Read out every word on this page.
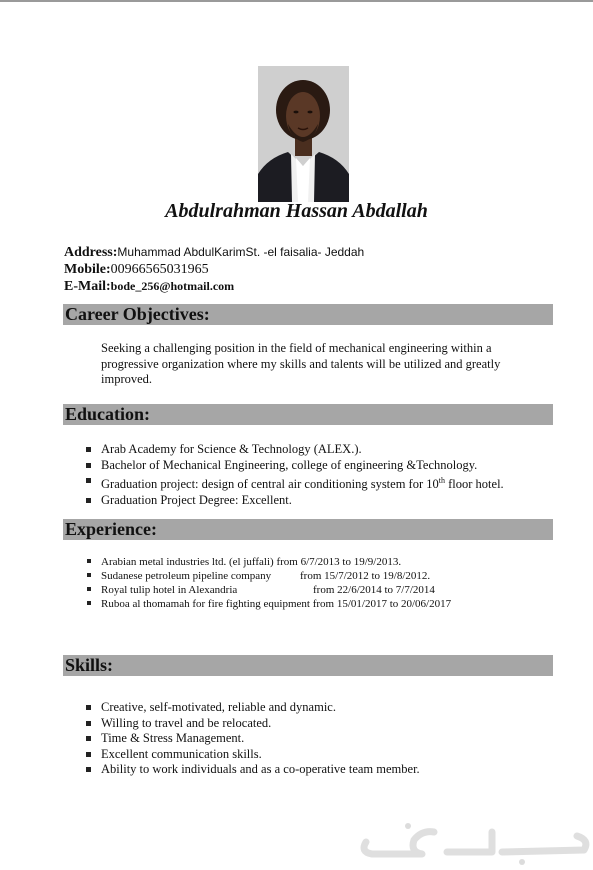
Abdulrahman Hassan Abdallah
Address:Muhammad AbdulKarimSt. -el faisalia- Jeddah
Mobile:00966565031965
E-Mail:bode_256@hotmail.com
Career Objectives:
Seeking a challenging position in the field of mechanical engineering within a
progressive organization where my skills and talents will be utilized and greatly
improved.
Education:
Arab Academy for Science & Technology (ALEX.).
Bachelor of Mechanical Engineering, college of engineering &Technology.
Graduation project: design of central air conditioning system for 10th floor hotel.
Graduation Project Degree: Excellent.
Experience:
Arabian metal industries ltd. (el juffali) from 6/7/2013 to 19/9/2013.
Sudanese petroleum pipeline company	from 15/7/2012 to 19/8/2012.
Royal tulip hotel in Alexandria	from 22/6/2014 to 7/7/2014
Ruboa al thomamah for fire fighting equipment from 15/01/2017 to 20/06/2017
Skills:
Creative, self-motivated, reliable and dynamic.
Willing to travel and be relocated.
Time & Stress Management.
Excellent communication skills.
Ability to work individuals and as a co-operative team member.
